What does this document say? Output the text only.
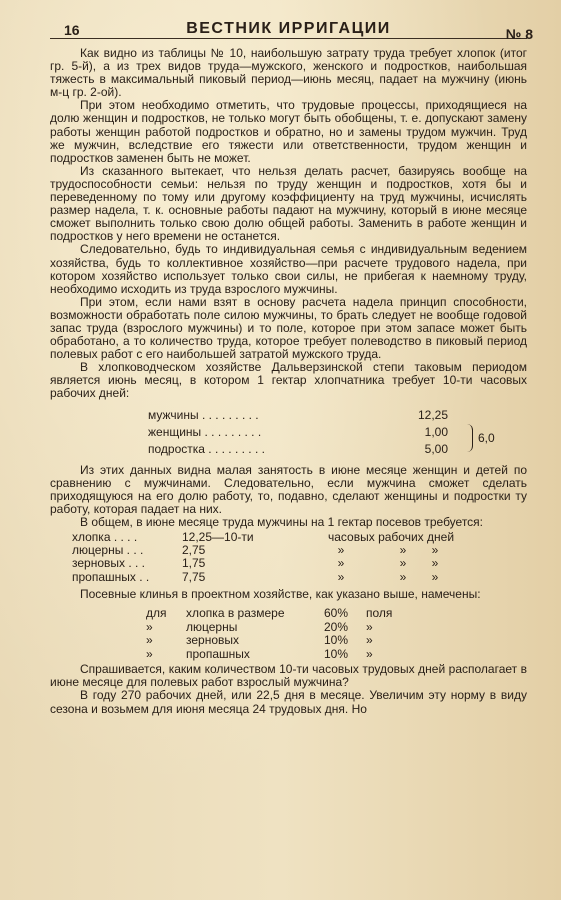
16	ВЕСТНИК ИРРИГАЦИИ	№ 8

Как видно из таблицы № 10, наибольшую затрату труда требует хлопок (итог гр. 5-й), а из трех видов труда—мужского, женского и подростков, наибольшая тяжесть в максимальный пиковый период—июнь месяц, падает на мужчину (июнь м-ц гр. 2-ой).

При этом необходимо отметить, что трудовые процессы, приходящиеся на долю женщин и подростков, не только могут быть обобщены, т. е. допускают замену работы женщин работой подростков и обратно, но и замены трудом мужчин. Труд же мужчин, вследствие его тяжести или ответственности, трудом женщин и подростков заменен быть не может.

Из сказанного вытекает, что нельзя делать расчет, базируясь вообще на трудоспособности семьи: нельзя по труду женщин и подростков, хотя бы и переведенному по тому или другому коэффициенту на труд мужчины, исчислять размер надела, т. к. основные работы падают на мужчину, который в июне месяце сможет выполнить только свою долю общей работы. Заменить в работе женщин и подростков у него времени не останется.

Следовательно, будь то индивидуальная семья с индивидуальным ведением хозяйства, будь то коллективное хозяйство—при расчете трудового надела, при котором хозяйство использует только свои силы, не прибегая к наемному труду, необходимо исходить из труда взрослого мужчины.

При этом, если нами взят в основу расчета надела принцип способности, возможности обработать поле силою мужчины, то брать следует не вообще годовой запас труда (взрослого мужчины) и то поле, которое при этом запасе может быть обработано, а то количество труда, которое требует полеводство в пиковый период полевых работ с его наибольшей затратой мужского труда.

В хлопководческом хозяйстве Дальверзинской степи таковым периодом является июнь месяц, в котором 1 гектар хлопчатника требует 10-ти часовых рабочих дней:

мужчины . . . . . . . . .	12,25
женщины . . . . . . . . .	1,00
подростка . . . . . . . . .	5,00
6,0

Из этих данных видна малая занятость в июне месяце женщин и детей по сравнению с мужчинами. Следовательно, если мужчина сможет сделать приходящуюся на его долю работу, то, подавно, сделают женщины и подростки ту работу, которая падает на них.

В общем, в июне месяце труда мужчины на 1 гектар посевов требуется:

хлопка . . . .	12,25—10-ти	часовых
рабочих
дней
люцерны . . .	2,75	»	»	»
зерновых . . .	1,75	»	»	»
пропашных . .	7,75	»	»	»

Посевные клинья в проектном хозяйстве, как указано выше, намечены:

для	хлопка в размере	60%	поля
»	люцерны	20%	»
»	зерновых	10%	»
»	пропашных	10%	»

Спрашивается, каким количеством 10-ти часовых трудовых дней располагает в июне месяце для полевых работ взрослый мужчина?

В году 270 рабочих дней, или 22,5 дня в месяце. Увеличим эту норму в виду сезона и возьмем для июня месяца 24 трудовых дня. Но
